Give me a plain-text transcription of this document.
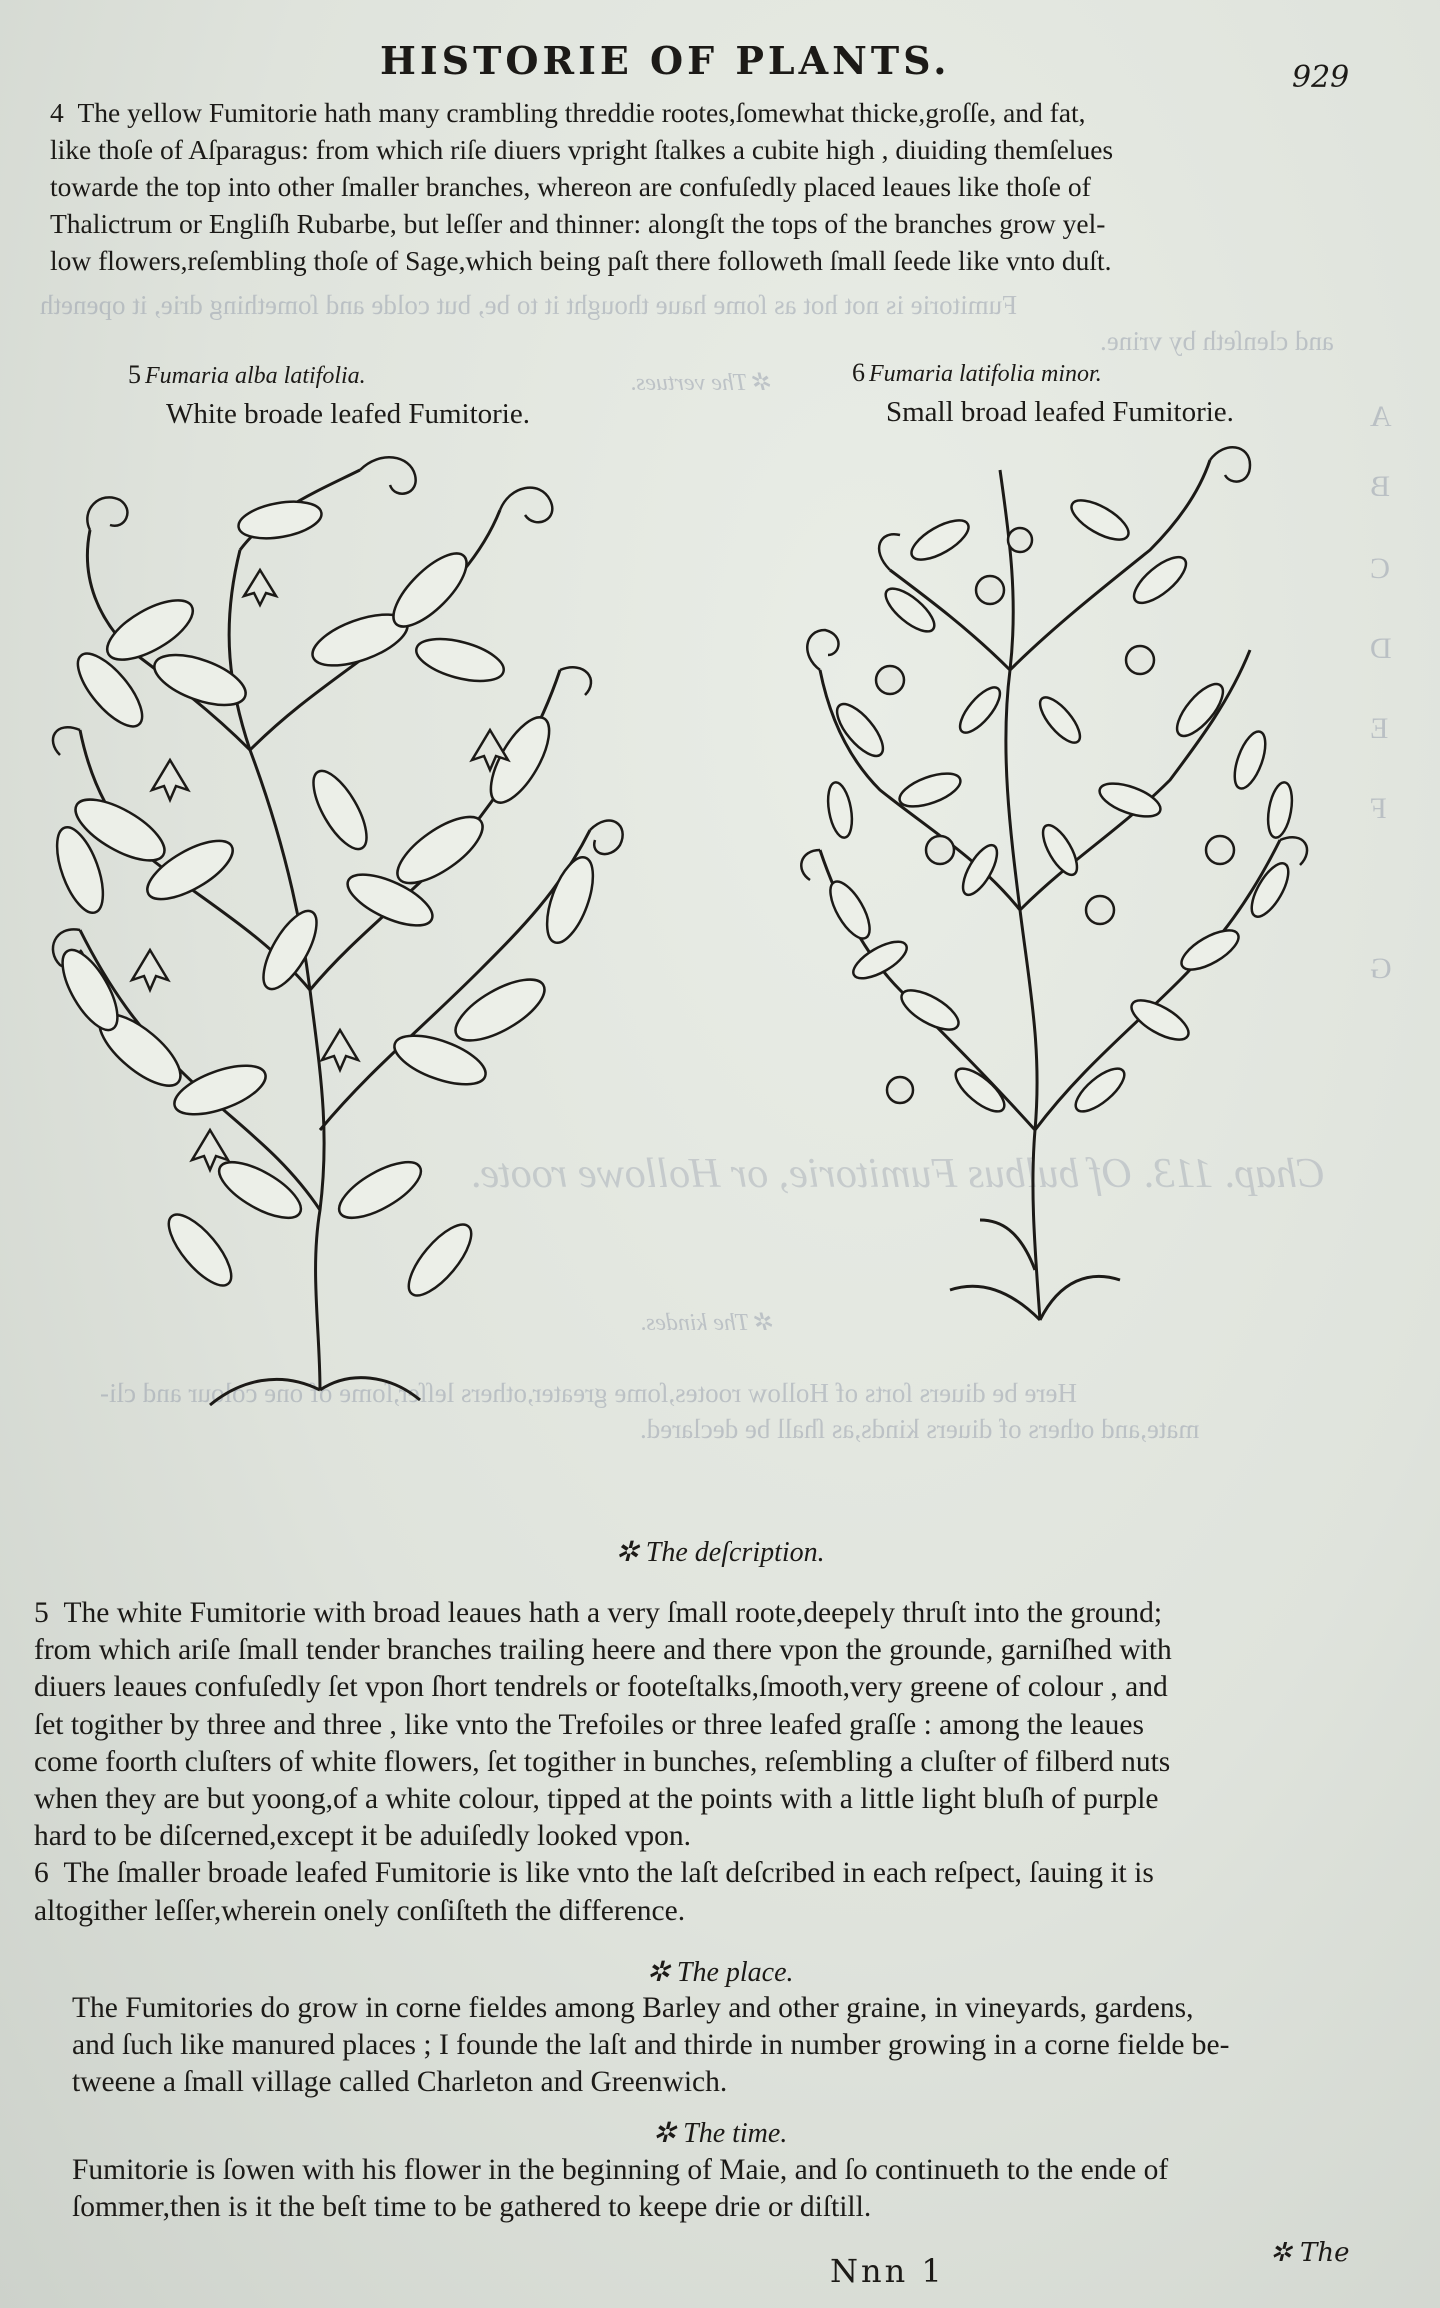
Fumitorie is not hot as ſome haue thought it to be, but colde and ſomething drie, it openeth
and clenſeth by vrine.
✲ The vertues.
Chap. 113. Of bulbus Fumitorie, or Hollowe roote.
✲ The kindes.
Here be diuers ſorts of Hollow rootes,ſome greater,others leſſer,ſome of one colour and cli-
mate,and others of diuers kinds,as ſhall be declared.
A
B
C
D
E
F
G
HISTORIE OF PLANTS.	929
4 The yellow Fumitorie hath many crambling threddie rootes,ſomewhat thicke,groſſe, and fat,
like thoſe of Aſparagus: from which riſe diuers vpright ſtalkes a cubite high , diuiding themſelues
towarde the top into other ſmaller branches, whereon are confuſedly placed leaues like thoſe of
Thalictrum or Engliſh Rubarbe, but leſſer and thinner: alongſt the tops of the branches grow yel-
low flowers,reſembling thoſe of Sage,which being paſt there followeth ſmall ſeede like vnto duſt.
5 Fumaria alba latifolia.
White broade leafed Fumitorie.
6 Fumaria latifolia minor.
Small broad leafed Fumitorie.
✲ The deſcription.
5 The white Fumitorie with broad leaues hath a very ſmall roote,deepely thruſt into the ground;
from which ariſe ſmall tender branches trailing heere and there vpon the grounde, garniſhed with
diuers leaues confuſedly ſet vpon ſhort tendrels or footeſtalks,ſmooth,very greene of colour , and
ſet togither by three and three , like vnto the Trefoiles or three leafed graſſe : among the leaues
come foorth cluſters of white flowers, ſet togither in bunches, reſembling a cluſter of filberd nuts
when they are but yoong,of a white colour, tipped at the points with a little light bluſh of purple
hard to be diſcerned,except it be aduiſedly looked vpon.
6 The ſmaller broade leafed Fumitorie is like vnto the laſt deſcribed in each reſpect, ſauing it is
altogither leſſer,wherein onely conſiſteth the difference.
✲ The place.
The Fumitories do grow in corne fieldes among Barley and other graine, in vineyards, gardens,
and ſuch like manured places ; I founde the laſt and thirde in number growing in a corne fielde be-
tweene a ſmall village called Charleton and Greenwich.
✲ The time.
Fumitorie is ſowen with his flower in the beginning of Maie, and ſo continueth to the ende of
ſommer,then is it the beſt time to be gathered to keepe drie or diſtill.
Nnn 1	✲ The
